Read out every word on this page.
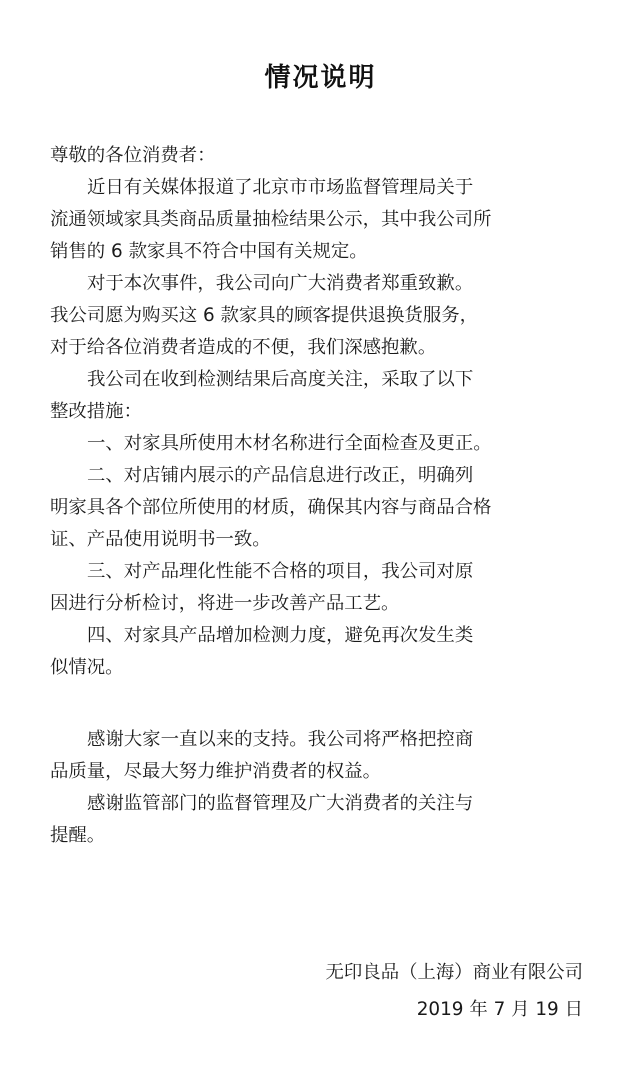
情况说明
尊敬的各位消费者：
近日有关媒体报道了北京市市场监督管理局关于
流通领域家具类商品质量抽检结果公示，其中我公司所
销售的 6 款家具不符合中国有关规定。
对于本次事件，我公司向广大消费者郑重致歉。
我公司愿为购买这 6 款家具的顾客提供退换货服务，
对于给各位消费者造成的不便，我们深感抱歉。
我公司在收到检测结果后高度关注，采取了以下
整改措施：
一、对家具所使用木材名称进行全面检查及更正。
二、对店铺内展示的产品信息进行改正，明确列
明家具各个部位所使用的材质，确保其内容与商品合格
证、产品使用说明书一致。
三、对产品理化性能不合格的项目，我公司对原
因进行分析检讨，将进一步改善产品工艺。
四、对家具产品增加检测力度，避免再次发生类
似情况。
感谢大家一直以来的支持。我公司将严格把控商
品质量，尽最大努力维护消费者的权益。
感谢监管部门的监督管理及广大消费者的关注与
提醒。
无印良品（上海）商业有限公司
2019 年 7 月 19 日
